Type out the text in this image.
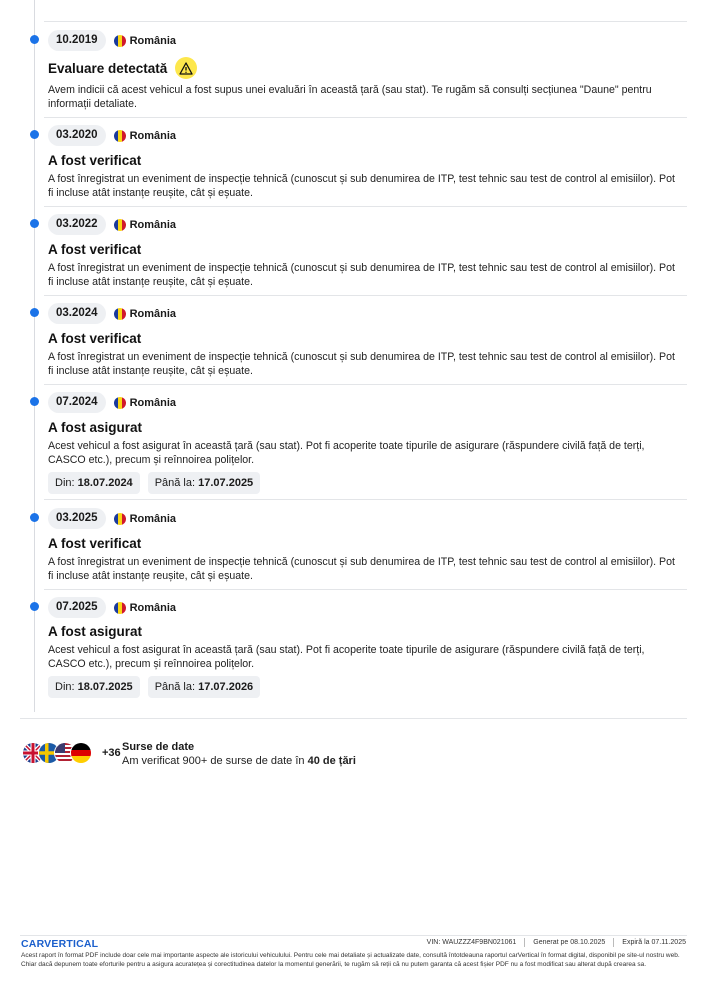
10.2019	România
Evaluare detectată
Avem indicii că acest vehicul a fost supus unei evaluări în această țară (sau stat). Te rugăm să consulți secțiunea "Daune" pentru informații detaliate.
03.2020	România
A fost verificat
A fost înregistrat un eveniment de inspecție tehnică (cunoscut și sub denumirea de ITP, test tehnic sau test de control al emisiilor). Pot fi incluse atât instanțe reușite, cât și eșuate.
03.2022	România
A fost verificat
A fost înregistrat un eveniment de inspecție tehnică (cunoscut și sub denumirea de ITP, test tehnic sau test de control al emisiilor). Pot fi incluse atât instanțe reușite, cât și eșuate.
03.2024	România
A fost verificat
A fost înregistrat un eveniment de inspecție tehnică (cunoscut și sub denumirea de ITP, test tehnic sau test de control al emisiilor). Pot fi incluse atât instanțe reușite, cât și eșuate.
07.2024	România
A fost asigurat
Acest vehicul a fost asigurat în această țară (sau stat). Pot fi acoperite toate tipurile de asigurare (răspundere civilă față de terți, CASCO etc.), precum și reînnoirea polițelor.
Din: 18.07.2024	Până la: 17.07.2025
03.2025	România
A fost verificat
A fost înregistrat un eveniment de inspecție tehnică (cunoscut și sub denumirea de ITP, test tehnic sau test de control al emisiilor). Pot fi incluse atât instanțe reușite, cât și eșuate.
07.2025	România
A fost asigurat
Acest vehicul a fost asigurat în această țară (sau stat). Pot fi acoperite toate tipurile de asigurare (răspundere civilă față de terți, CASCO etc.), precum și reînnoirea polițelor.
Din: 18.07.2025	Până la: 17.07.2026
+36 Surse de date
Am verificat 900+ de surse de date în 40 de țări
CARVERTICAL	VIN: WAUZZZ4F9BN021061 Generat pe 08.10.2025 Expiră la 07.11.2025
Acest raport în format PDF include doar cele mai importante aspecte ale istoricului vehiculului. Pentru cele mai detaliate și actualizate date, consultă întotdeauna raportul carVertical în format digital, disponibil pe site-ul nostru web. Chiar dacă depunem toate eforturile pentru a asigura acuratețea și corectitudinea datelor la momentul generării, te rugăm să reții că nu putem garanta că acest fișier PDF nu a fost modificat sau alterat după crearea sa.
